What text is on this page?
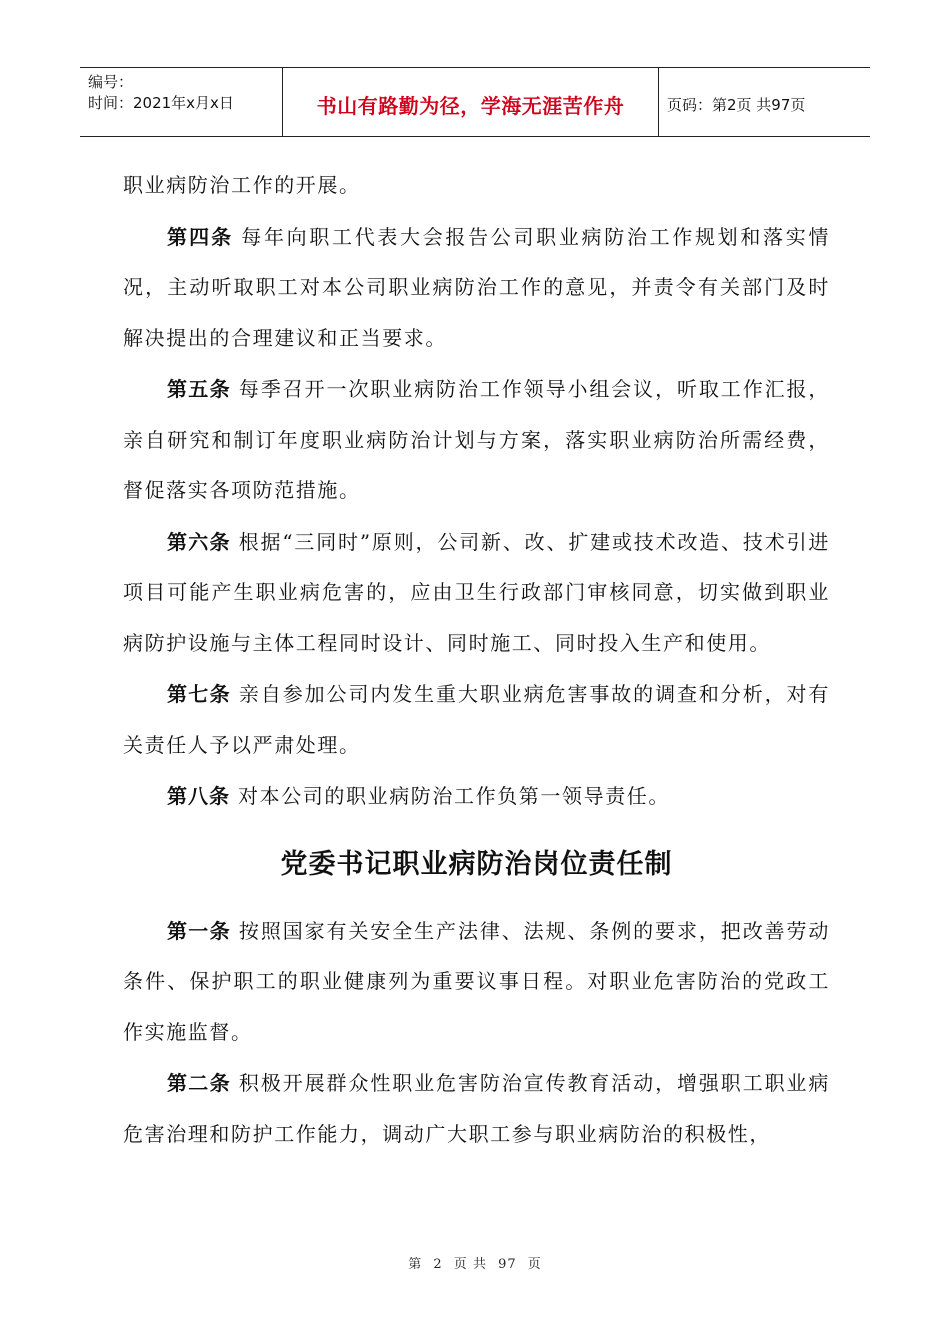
编号：
时间：2021年x月x日	书山有路勤为径，学海无涯苦作舟	页码：第2页 共97页

职业病防治工作的开展。

第四条 每年向职工代表大会报告公司职业病防治工作规划和落实情况，主动听取职工对本公司职业病防治工作的意见，并责令有关部门及时解决提出的合理建议和正当要求。

第五条 每季召开一次职业病防治工作领导小组会议，听取工作汇报，亲自研究和制订年度职业病防治计划与方案，落实职业病防治所需经费，督促落实各项防范措施。

第六条 根据“三同时”原则，公司新、改、扩建或技术改造、技术引进项目可能产生职业病危害的，应由卫生行政部门审核同意，切实做到职业病防护设施与主体工程同时设计、同时施工、同时投入生产和使用。

第七条 亲自参加公司内发生重大职业病危害事故的调查和分析，对有关责任人予以严肃处理。

第八条 对本公司的职业病防治工作负第一领导责任。

党委书记职业病防治岗位责任制

第一条 按照国家有关安全生产法律、法规、条例的要求，把改善劳动条件、保护职工的职业健康列为重要议事日程。对职业危害防治的党政工作实施监督。

第二条 积极开展群众性职业危害防治宣传教育活动，增强职工职业病危害治理和防护工作能力，调动广大职工参与职业病防治的积极性，

第 2 页 共 97 页
